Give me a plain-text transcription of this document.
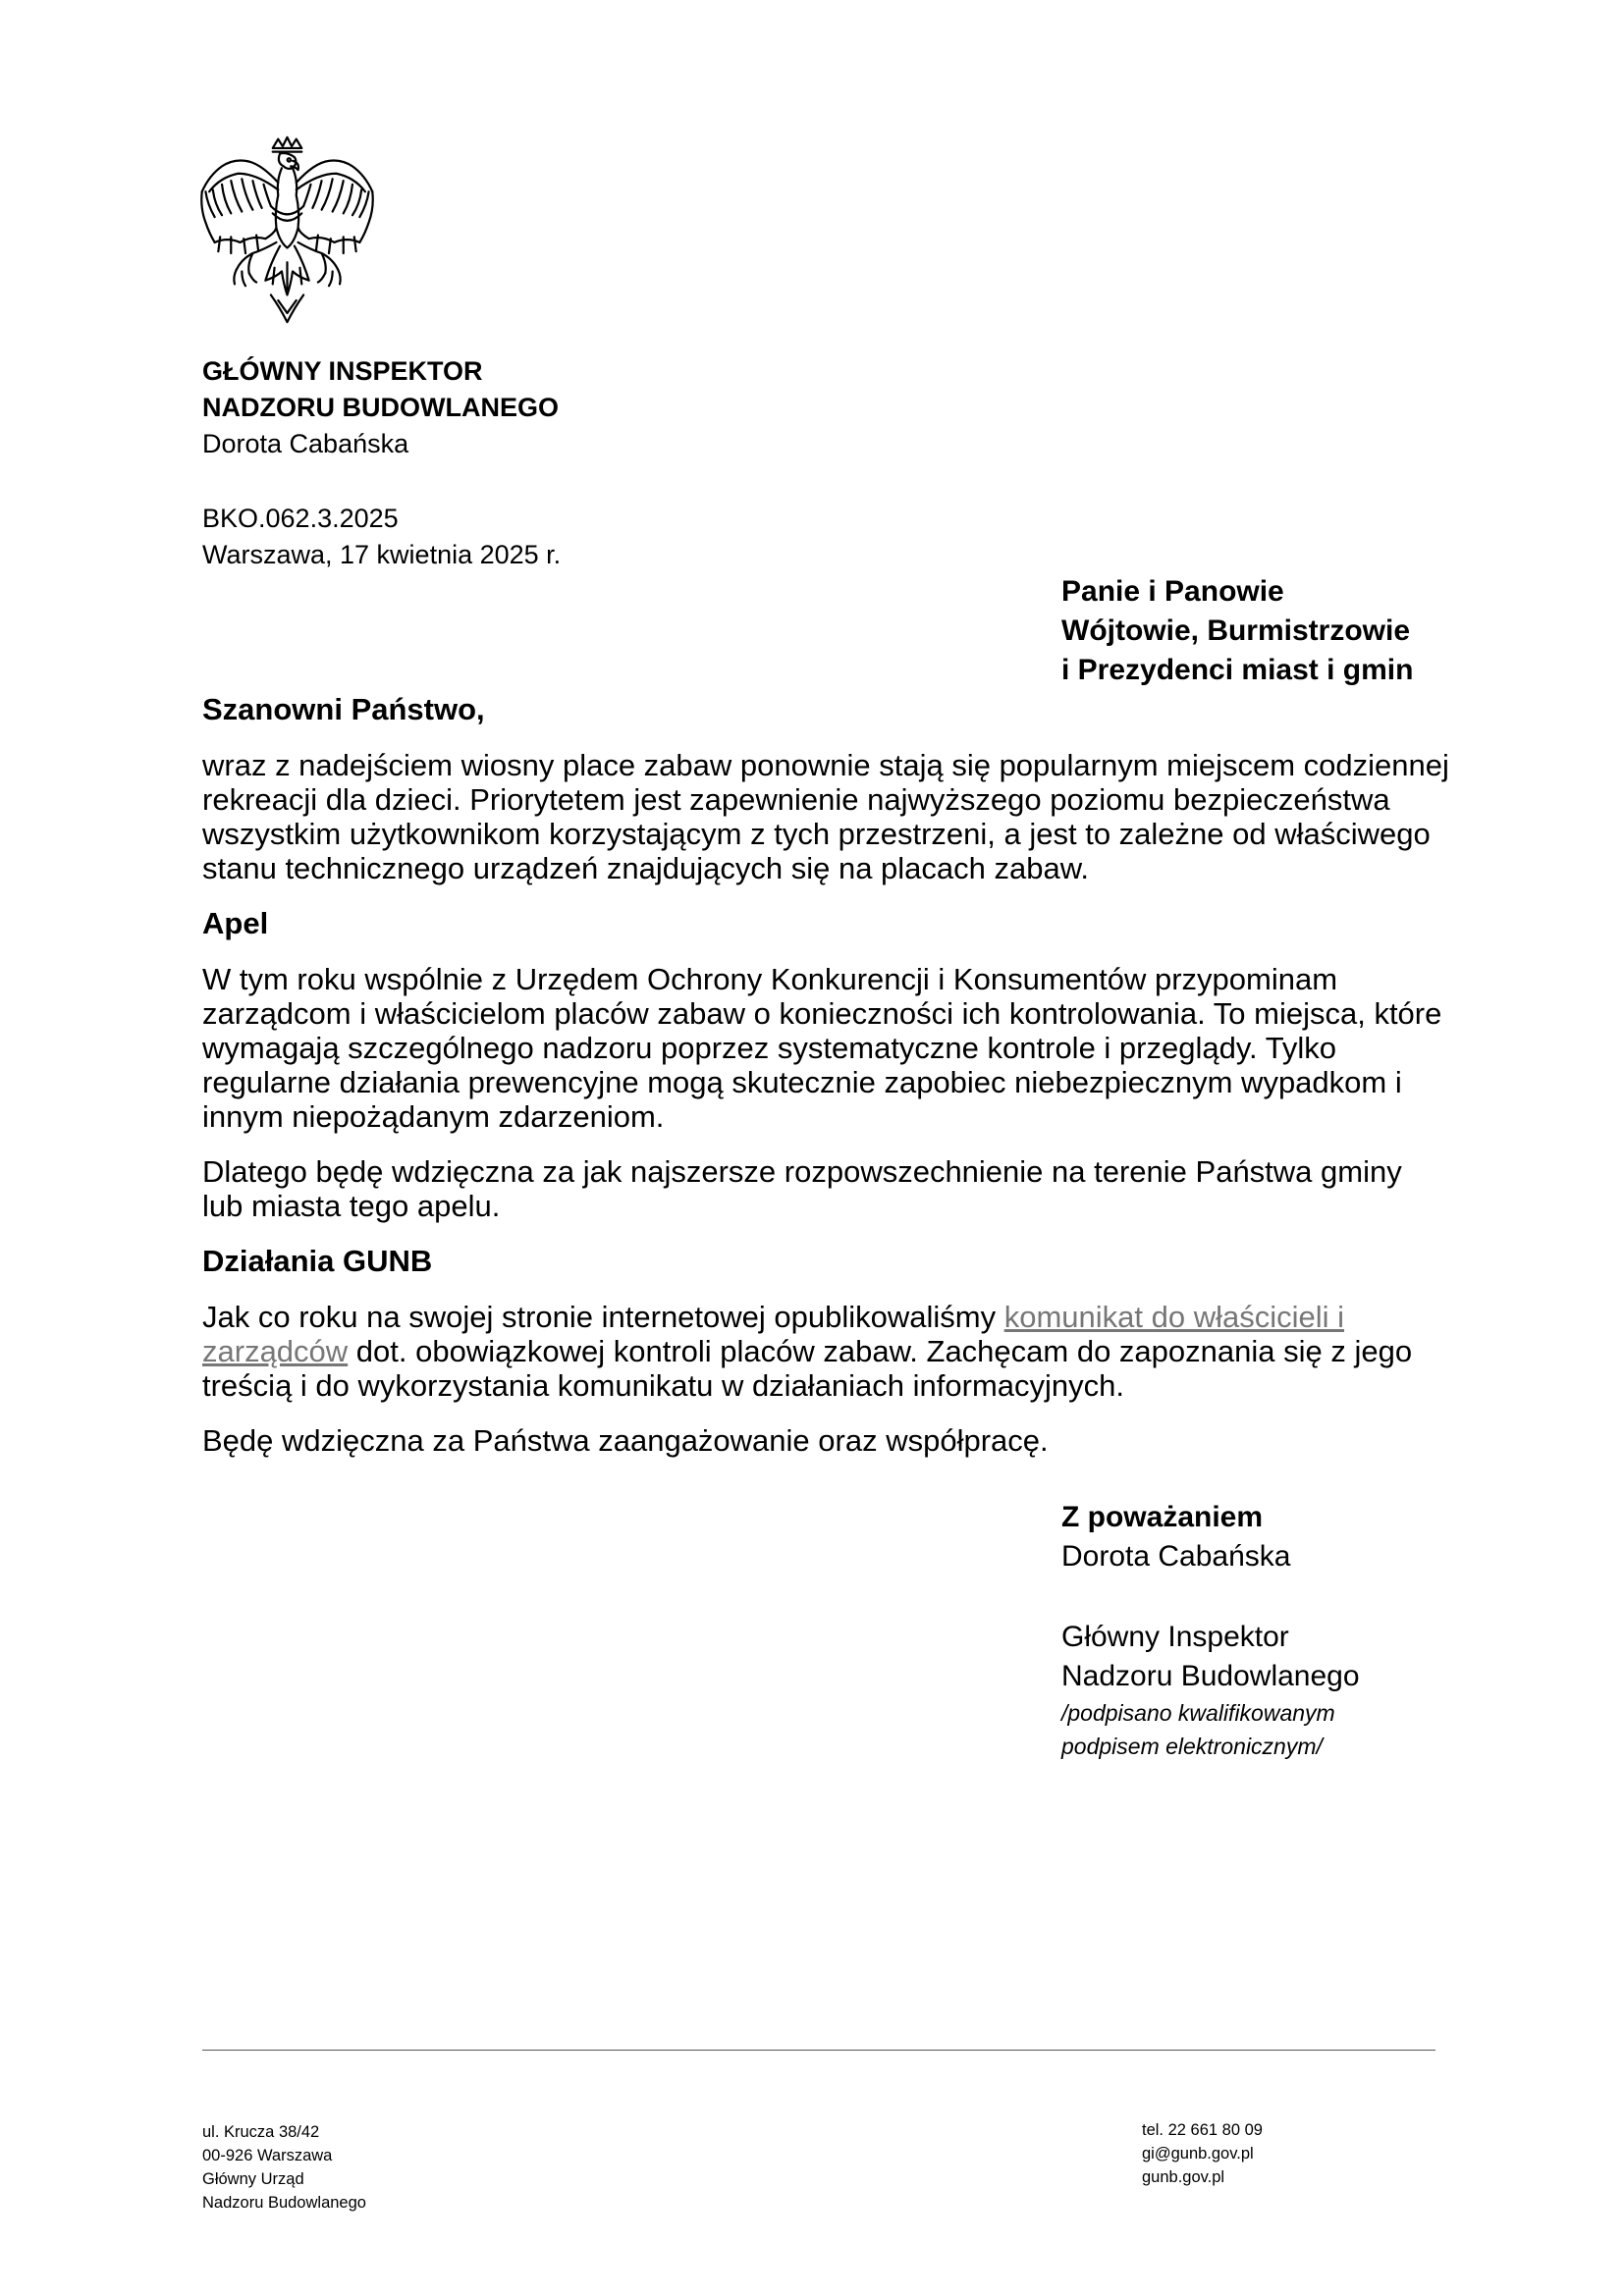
GŁÓWNY INSPEKTOR
NADZORU BUDOWLANEGO
Dorota Cabańska
BKO.062.3.2025
Warszawa, 17 kwietnia 2025 r.
Panie i Panowie
Wójtowie, Burmistrzowie
i Prezydenci miast i gmin

Szanowni Państwo,

wraz z nadejściem wiosny place zabaw ponownie stają się popularnym miejscem codziennej rekreacji dla dzieci. Priorytetem jest zapewnienie najwyższego poziomu bezpieczeństwa wszystkim użytkownikom korzystającym z tych przestrzeni, a jest to zależne od właściwego stanu technicznego urządzeń znajdujących się na placach zabaw.

Apel

W tym roku wspólnie z Urzędem Ochrony Konkurencji i Konsumentów przypominam zarządcom i właścicielom placów zabaw o konieczności ich kontrolowania. To miejsca, które wymagają szczególnego nadzoru poprzez systematyczne kontrole i przeglądy. Tylko regularne działania prewencyjne mogą skutecznie zapobiec niebezpiecznym wypadkom i innym niepożądanym zdarzeniom.

Dlatego będę wdzięczna za jak najszersze rozpowszechnienie na terenie Państwa gminy lub miasta tego apelu.

Działania GUNB

Jak co roku na swojej stronie internetowej opublikowaliśmy komunikat do właścicieli i zarządców dot. obowiązkowej kontroli placów zabaw. Zachęcam do zapoznania się z jego treścią i do wykorzystania komunikatu w działaniach informacyjnych.

Będę wdzięczna za Państwa zaangażowanie oraz współpracę.

Z poważaniem
Dorota Cabańska
Główny Inspektor
Nadzoru Budowlanego
/podpisano kwalifikowanym
podpisem elektronicznym/
ul. Krucza 38/42
00-926 Warszawa
Główny Urząd
Nadzoru Budowlanego
tel. 22 661 80 09
gi@gunb.gov.pl
gunb.gov.pl
